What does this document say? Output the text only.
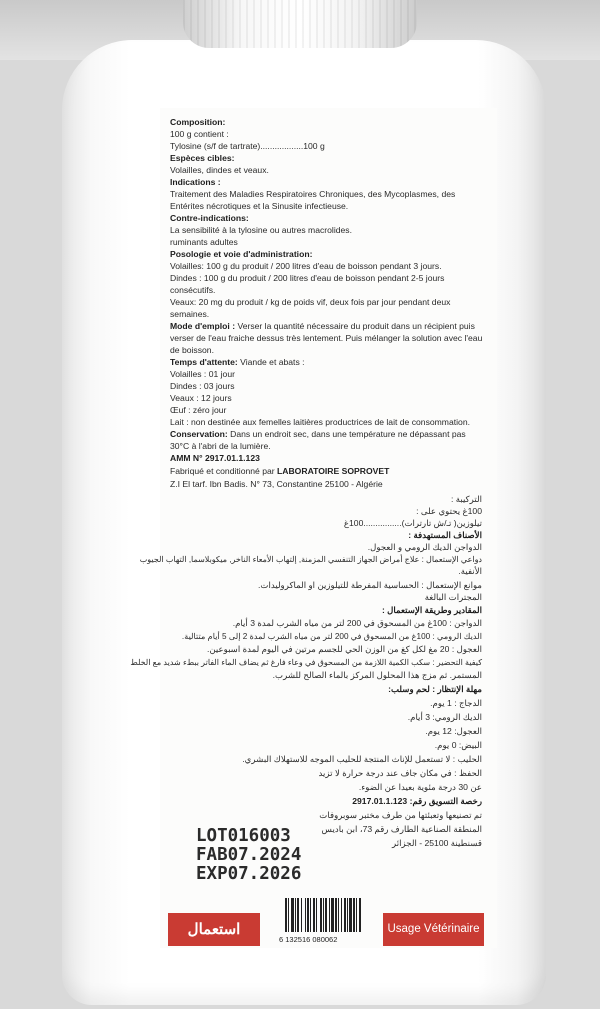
Composition:
100 g contient :
Tylosine (s/f de tartrate)..................100 g
Espèces cibles:
Volailles, dindes et veaux.
Indications :
Traitement des Maladies Respiratoires Chroniques, des Mycoplasmes, des
Entérites nécrotiques et la Sinusite infectieuse.
Contre-indications:
La sensibilité à la tylosine ou autres macrolides.
ruminants adultes
Posologie et voie d'administration:
Volailles: 100 g du produit / 200 litres d'eau de boisson pendant 3 jours.
Dindes : 100 g du produit / 200 litres d'eau de boisson pendant 2-5 jours
consécutifs.
Veaux: 20 mg du produit / kg de poids vif, deux fois par jour pendant deux
semaines.
Mode d'emploi : Verser la quantité nécessaire du produit dans un récipient puis
verser de l'eau fraiche dessus très lentement. Puis mélanger la solution avec l'eau
de boisson.
Temps d'attente: Viande et abats :
Volailles : 01 jour
Dindes : 03 jours
Veaux : 12 jours
Œuf : zéro jour
Lait : non destinée aux femelles laitières productrices de lait de consommation.
Conservation: Dans un endroit sec, dans une température ne dépassant pas
30°C à l'abri de la lumière.
AMM N° 2917.01.1.123
Fabriqué et conditionné par LABORATOIRE SOPROVET
Z.I El tarf. Ibn Badis. N° 73, Constantine 25100 - Algérie
التركيبة :
100غ يحتوي على :
تيلوزين( تـ/ش تارترات)................100غ
الأصناف المستهدفة :
الدواجن الديك الرومي و العجول.
دواعي الإستعمال : علاج أمراض الجهاز التنفسي المزمنة, إلتهاب الأمعاء الناخر, ميكوبلاسما, التهاب الجيوب
الأنفية.
موانع الإستعمال : الحساسية المفرطة للتيلوزين او الماكروليدات.
المجترات البالغة
المقادير وطريقة الإستعمال :
الدواجن : 100غ من المسحوق في 200 لتر من مياه الشرب لمدة 3 أيام.
الديك الرومي : 100غ من المسحوق في 200 لتر من مياه الشرب لمدة 2 إلى 5 أيام متتالية.
العجول : 20 مغ لكل كغ من الوزن الحي للجسم مرتين في اليوم لمدة اسبوعين.
كيفية التحضير : سكب الكمية اللازمة من المسحوق في وعاء فارغ ثم يضاف الماء الفاتر ببطء شديد مع الخلط
المستمر. ثم مزج هذا المحلول المركز بالماء الصالح للشرب.
مهلة الإنتظار : لحم وسلب:
الدجاج : 1 يوم.
الديك الرومي: 3 أيام.
العجول: 12 يوم.
البيض: 0 يوم.
الحليب : لا تستعمل للإناث المنتجة للحليب الموجه للاستهلاك البشري.
الحفظ : في مكان جاف عند درجة حرارة لا تزيد
عن 30 درجة مئوية بعيدا عن الضوء.
رخصة التسويق رقم: 2917.01.1.123
تم تصنيعها وتعبئتها من طرف مختبر سوبروفات
المنطقة الصناعية الطارف رقم 73، ابن باديس
قسنطينة 25100 - الجزائر
LOT016003
FAB07.2024
EXP07.2026
استعمال بيطري
Usage Vétérinaire
6 132516 080062
